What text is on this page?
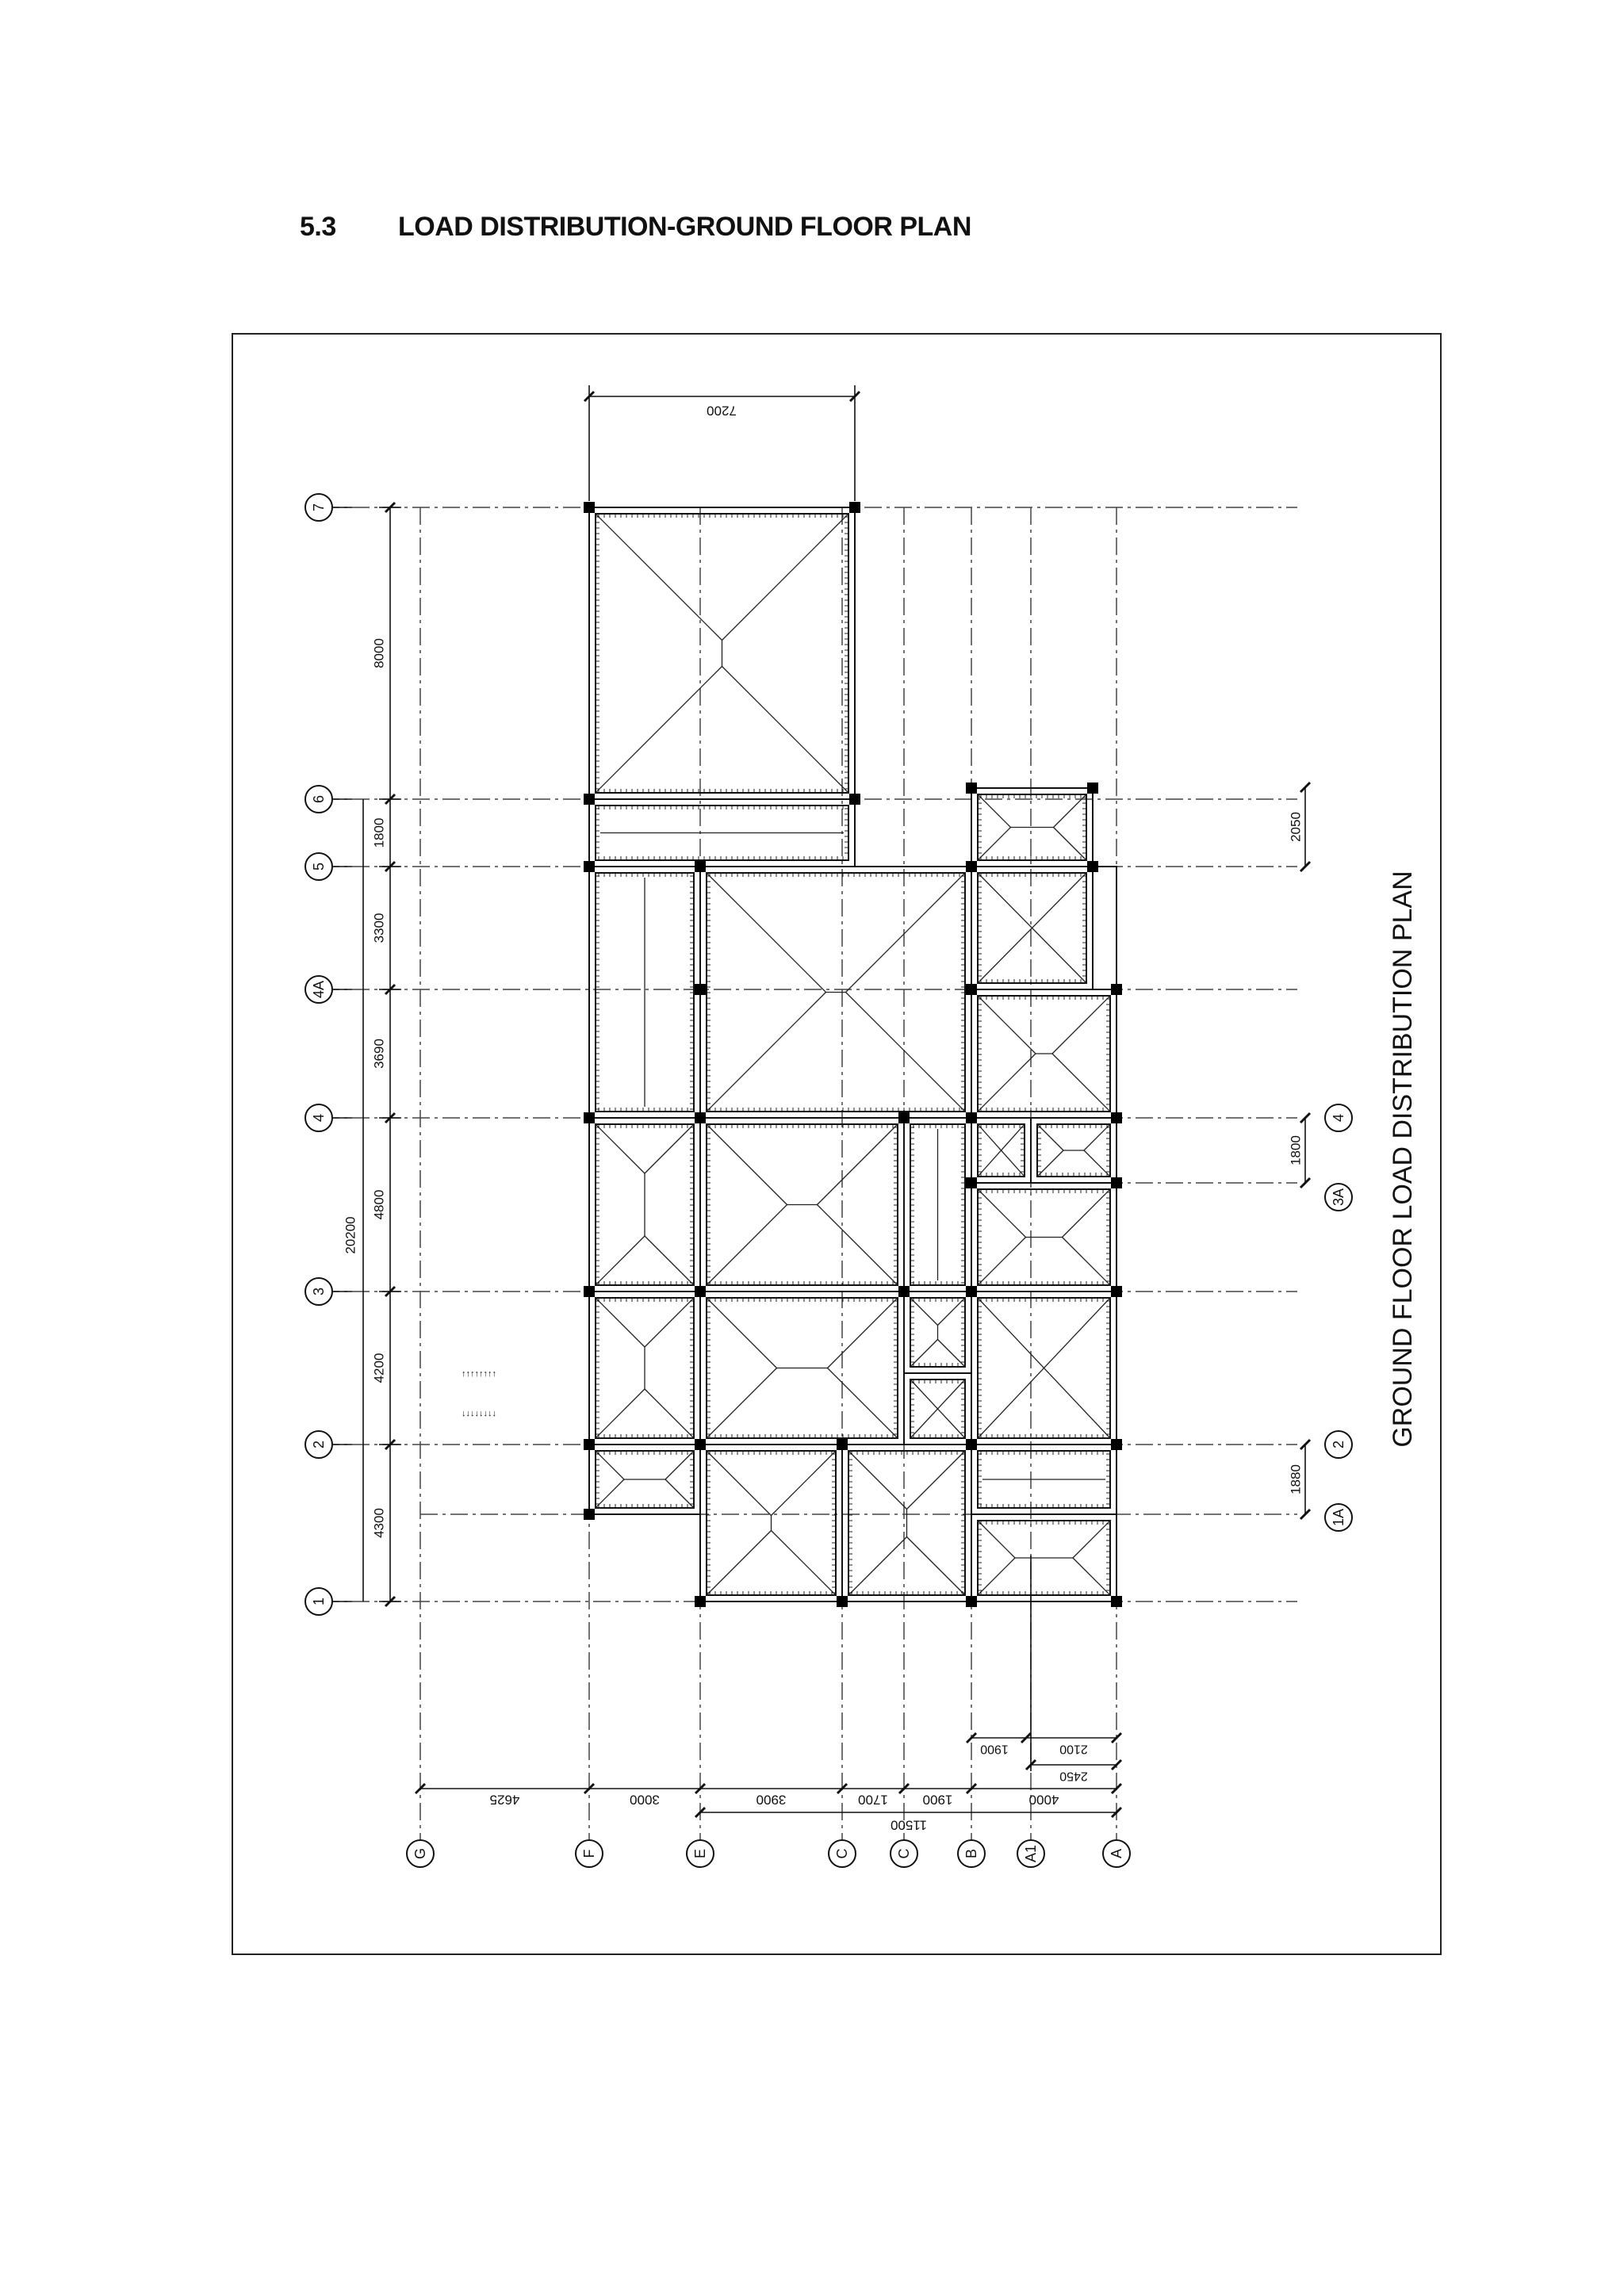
5.3	LOAD DISTRIBUTION-GROUND FLOOR PLAN
7
6
5
4A
4
3
2
1
4
3A
2
1A
G	F	E	C	C	B	A1	A
8000
1800
3300
3690
4800
4200
4300
20200
2050
1800
1880
7200
4625	3000	3900	1700	1900	4000
11500
1900	2100
2450
↑↑↑↑↑↑↑↑
↓↓↓↓↓↓↓↓	GROUND FLOOR LOAD DISTRIBUTION PLAN
